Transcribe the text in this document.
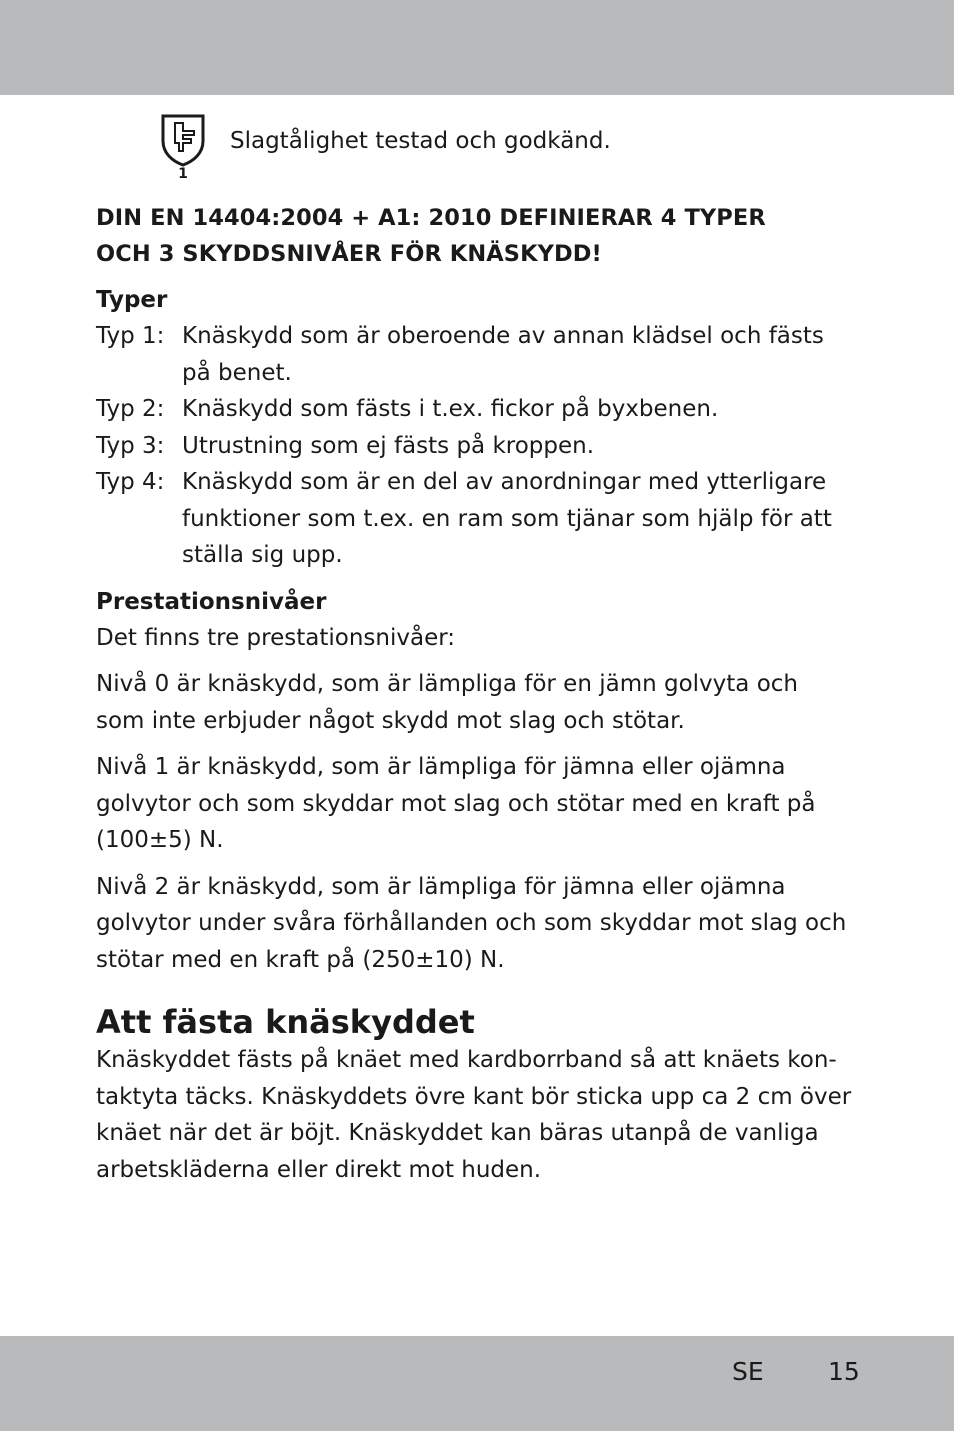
1
Slagtålighet testad och godkänd.
DIN EN 14404:2004 + A1: 2010 DEFINIERAR 4 TYPER
OCH 3 SKYDDSNIVÅER FÖR KNÄSKYDD!
Typer
Typ 1: Knäskydd som är oberoende av annan klädsel och fästs
på benet.
Typ 2: Knäskydd som fästs i t.ex. fickor på byxbenen.
Typ 3: Utrustning som ej fästs på kroppen.
Typ 4: Knäskydd som är en del av anordningar med ytterligare
funktioner som t.ex. en ram som tjänar som hjälp för att
ställa sig upp.
Prestationsnivåer

Det finns tre prestationsnivåer:

Nivå 0 är knäskydd, som är lämpliga för en jämn golvyta och
som inte erbjuder något skydd mot slag och stötar.

Nivå 1 är knäskydd, som är lämpliga för jämna eller ojämna
golvytor och som skyddar mot slag och stötar med en kraft på
(100±5) N.

Nivå 2 är knäskydd, som är lämpliga för jämna eller ojämna
golvytor under svåra förhållanden och som skyddar mot slag och
stötar med en kraft på (250±10) N.

Att fästa knäskyddet

Knäskyddet fästs på knäet med kardborrband så att knäets kon-
taktyta täcks. Knäskyddets övre kant bör sticka upp ca 2 cm över
knäet när det är böjt. Knäskyddet kan bäras utanpå de vanliga
arbetskläderna eller direkt mot huden.

SE	15
